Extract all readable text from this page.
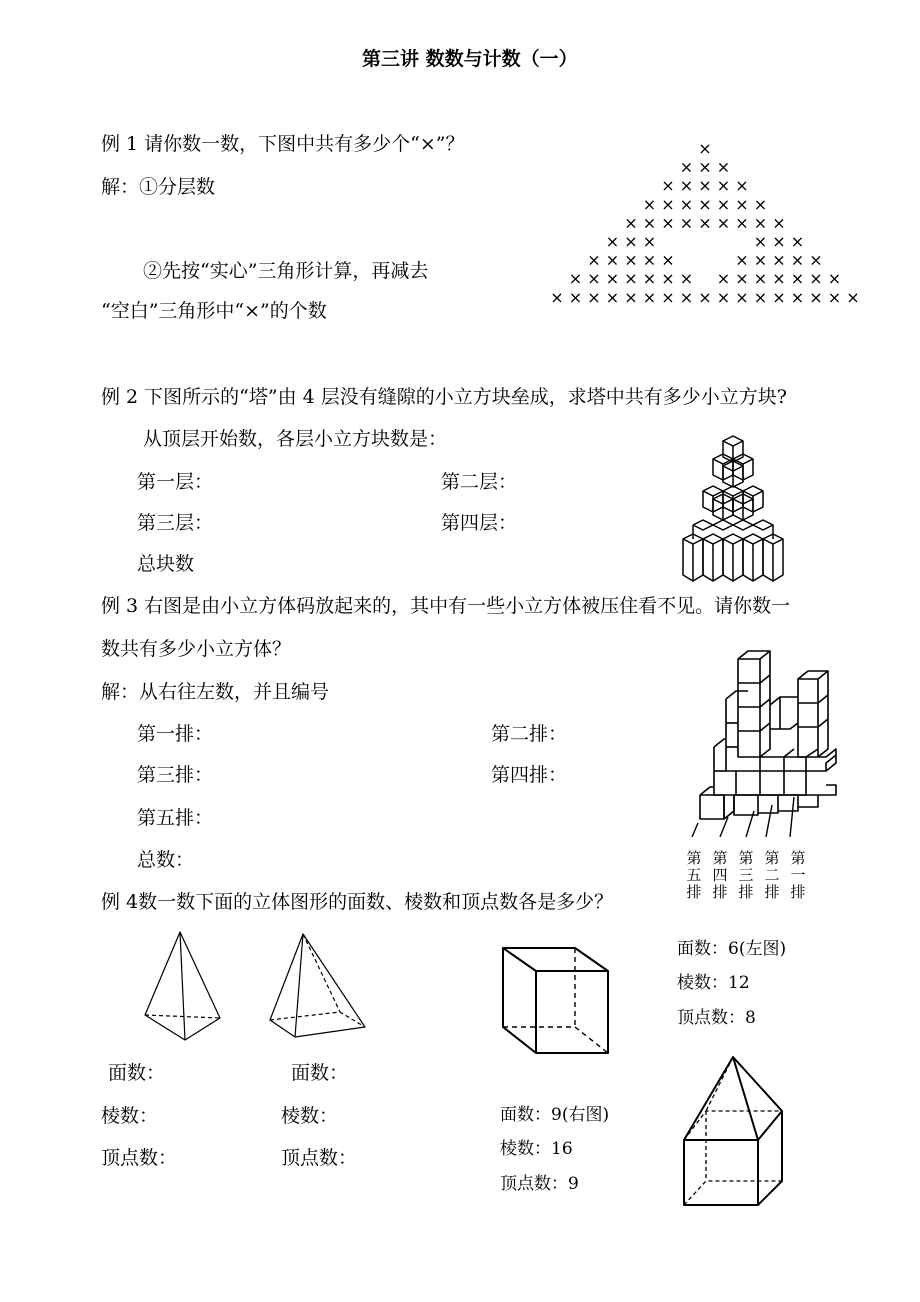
第三讲 数数与计数（一）
例 1 请你数一数，下图中共有多少个“×”？
解：①分层数
②先按“实心”三角形计算，再减去
“空白”三角形中“×”的个数
×
× × ×
× × × × ×
× × × × × × ×
× × × × × × × × ×
× × ×	× × ×
× × × × ×	× × × × ×
× × × × × × × × × × × × × ×
× × × × × × × × × × × × × × × × ×
例 2 下图所示的“塔”由 4 层没有缝隙的小立方块垒成，求塔中共有多少小立方块?
从顶层开始数，各层小立方块数是：
第一层：	第二层：
第三层：	第四层：
总块数
例 3 右图是由小立方体码放起来的，其中有一些小立方体被压住看不见。请你数一
数共有多少小立方体？
解：从右往左数，并且编号
第一排：	第二排：
第三排：	第四排：
第五排：
总数：	第五排
第四排
第三排
第二排
第一排
例 4数一数下面的立体图形的面数、棱数和顶点数各是多少？
面数：
棱数：
顶点数：
面数：
棱数：
顶点数：
面数：6(左图)
棱数：12
顶点数：8
面数：9(右图)
棱数：16
顶点数：9
